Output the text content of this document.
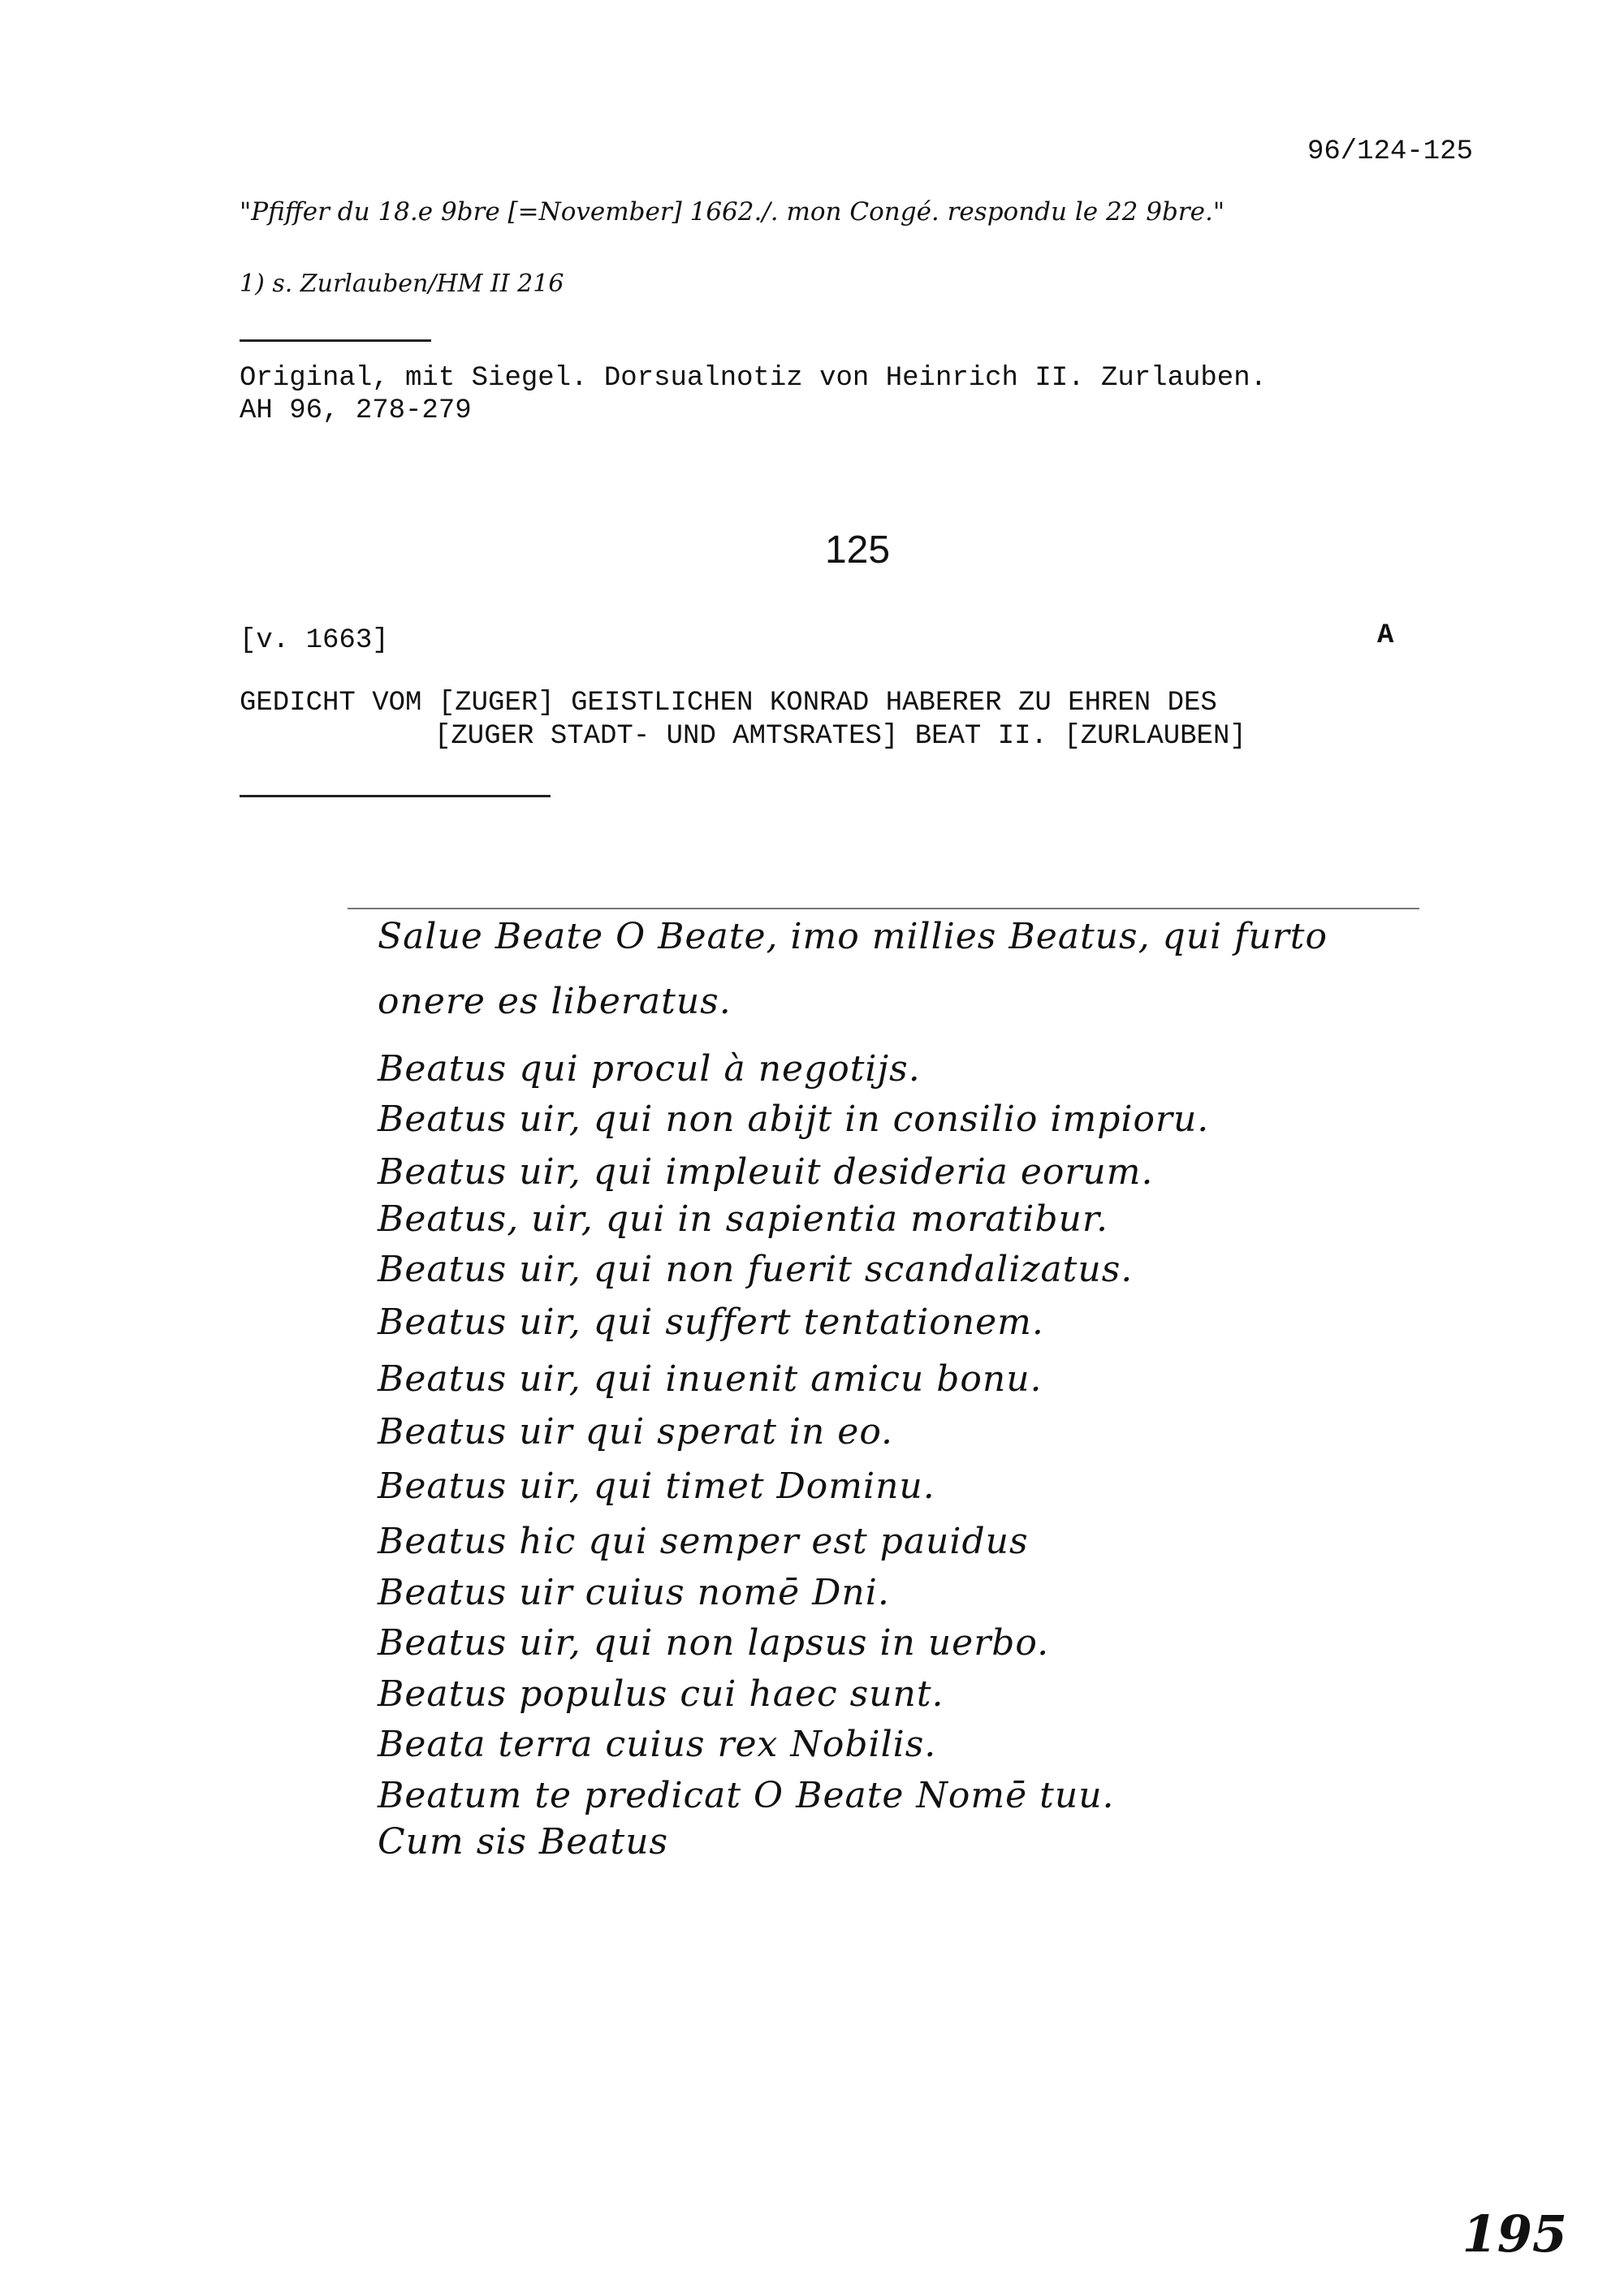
96/124-125
"Pfiffer du 18.e 9bre [=November] 1662./. mon Congé. respondu le 22 9bre."
1) s. Zurlauben/HM II 216
Original, mit Siegel. Dorsualnotiz von Heinrich II. Zurlauben.
AH 96, 278-279
125
[v. 1663]	A
GEDICHT VOM [ZUGER] GEISTLICHEN KONRAD HABERER ZU EHREN DES
[ZUGER STADT- UND AMTSRATES] BEAT II. [ZURLAUBEN]
Salue Beate O Beate, imo millies Beatus, qui furto
onere es liberatus.
Beatus qui procul à negotijs.
Beatus uir, qui non abijt in consilio impioru.
Beatus uir, qui impleuit desideria eorum.
Beatus, uir, qui in sapientia moratibur.
Beatus uir, qui non fuerit scandalizatus.
Beatus uir, qui suffert tentationem.
Beatus uir, qui inuenit amicu bonu.
Beatus uir qui sperat in eo.
Beatus uir, qui timet Dominu.
Beatus hic qui semper est pauidus
Beatus uir cuius nomē Dni.
Beatus uir, qui non lapsus in uerbo.
Beatus populus cui haec sunt.
Beata terra cuius rex Nobilis.
Beatum te predicat O Beate Nomē tuu.
Cum sis Beatus
195
